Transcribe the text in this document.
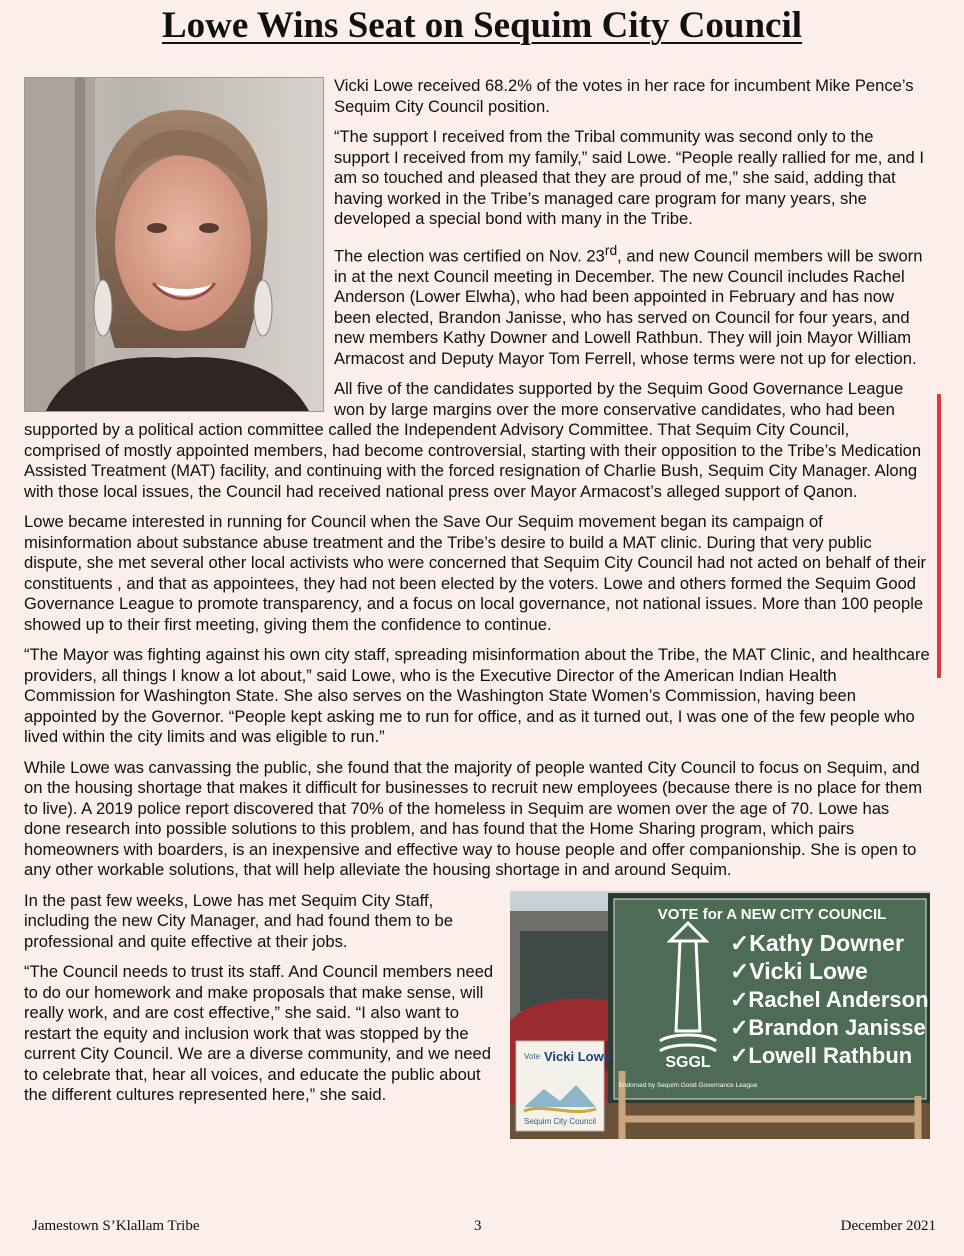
Lowe Wins Seat on Sequim City Council

Vicki Lowe received 68.2% of the votes in her race for incumbent Mike Pence’s Sequim City Council position.

“The support I received from the Tribal community was second only to the support I received from my family,” said Lowe. “People really rallied for me, and I am so touched and pleased that they are proud of me,” she said, adding that having worked in the Tribe’s managed care program for many years, she developed a special bond with many in the Tribe.

The election was certified on Nov. 23rd, and new Council members will be sworn in at the next Council meeting in December. The new Council includes Rachel Anderson (Lower Elwha), who had been appointed in February and has now been elected, Brandon Janisse, who has served on Council for four years, and new members Kathy Downer and Lowell Rathbun. They will join Mayor William Armacost and Deputy Mayor Tom Ferrell, whose terms were not up for election.

All five of the candidates supported by the Sequim Good Governance League won by large margins over the more conservative candidates, who had been supported by a political action committee called the Independent Advisory Committee. That Sequim City Council, comprised of mostly appointed members, had become controversial, starting with their opposition to the Tribe’s Medication Assisted Treatment (MAT) facility, and continuing with the forced resignation of Charlie Bush, Sequim City Manager. Along with those local issues, the Council had received national press over Mayor Armacost’s alleged support of Qanon.

Lowe became interested in running for Council when the Save Our Sequim movement began its campaign of misinformation about substance abuse treatment and the Tribe’s desire to build a MAT clinic. During that very public dispute, she met several other local activists who were concerned that Sequim City Council had not acted on behalf of their constituents , and that as appointees, they had not been elected by the voters. Lowe and others formed the Sequim Good Governance League to promote transparency, and a focus on local governance, not national issues. More than 100 people showed up to their first meeting, giving them the confidence to continue.

“The Mayor was fighting against his own city staff, spreading misinformation about the Tribe, the MAT Clinic, and healthcare providers, all things I know a lot about,” said Lowe, who is the Executive Director of the American Indian Health Commission for Washington State. She also serves on the Washington State Women’s Commission, having been appointed by the Governor. “People kept asking me to run for office, and as it turned out, I was one of the few people who lived within the city limits and was eligible to run.”

While Lowe was canvassing the public, she found that the majority of people wanted City Council to focus on Sequim, and on the housing shortage that makes it difficult for businesses to recruit new employees (because there is no place for them to live). A 2019 police report discovered that 70% of the homeless in Sequim are women over the age of 70. Lowe has done research into possible solutions to this problem, and has found that the Home Sharing program, which pairs homeowners with boarders, is an inexpensive and effective way to house people and offer companionship. She is open to any other workable solutions, that will help alleviate the housing shortage in and around Sequim.

VOTE for A NEW CITY COUNCIL
✓Kathy Downer
✓Vicki Lowe
✓Rachel Anderson
✓Brandon Janisse
✓Lowell Rathbun
SGGL
Endorsed by Sequim Good Governance League
Vote Vicki Lowe
Sequim City Council

In the past few weeks, Lowe has met Sequim City Staff, including the new City Manager, and had found them to be professional and quite effective at their jobs.

“The Council needs to trust its staff. And Council members need to do our homework and make proposals that make sense, will really work, and are cost effective,” she said. “I also want to restart the equity and inclusion work that was stopped by the current City Council. We are a diverse community, and we need to celebrate that, hear all voices, and educate the public about the different cultures represented here,” she said.

Jamestown S’Klallam Tribe	3	December 2021
